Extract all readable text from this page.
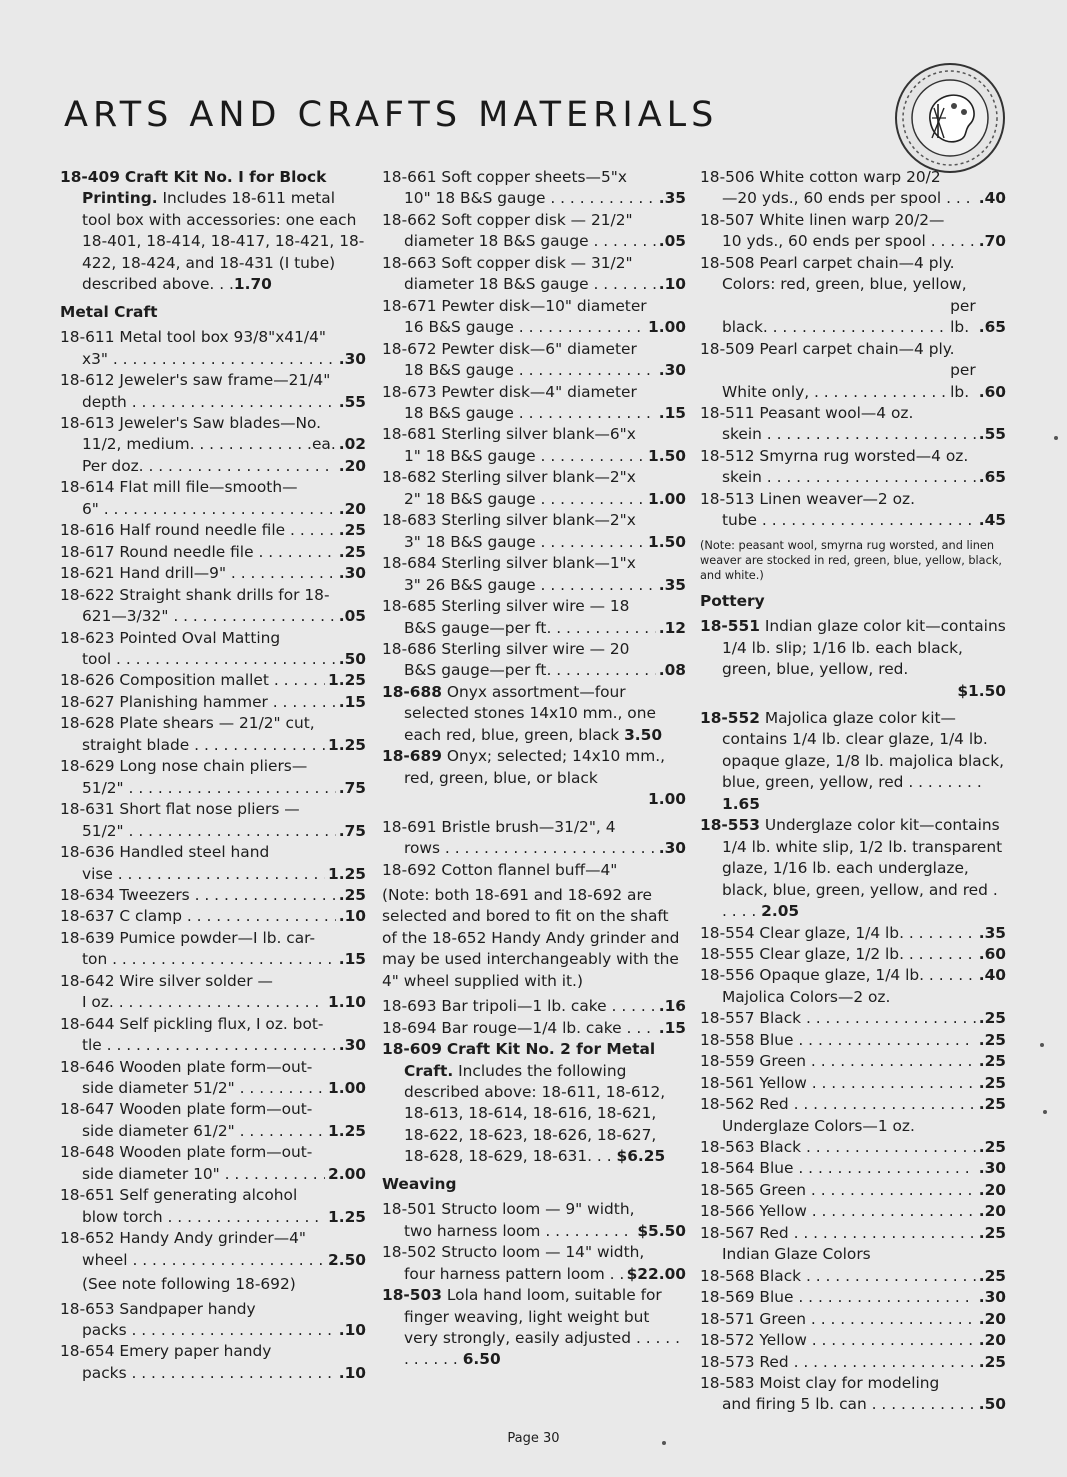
ARTS AND CRAFTS MATERIALS

18-409 Craft Kit No. I for Block Printing. Includes 18-611 metal tool box with accessories: one each 18-401, 18-414, 18-417, 18-421, 18-422, 18-424, and 18-431 (I tube) described above. . .1.70

Metal Craft
18-611 Metal tool box 93/8"x41/4"
x3" . . .	.30
18-612 Jeweler's saw frame—21/4"
depth . . .	.55
18-613 Jeweler's Saw blades—No.
11/2, medium. . . .	ea. .02
Per doz. . . .	.20
18-614 Flat mill file—smooth—
6" . . .	.20
18-616 Half round needle file . . .	.25
18-617 Round needle file . . .	.25
18-621 Hand drill—9" . . .	.30
18-622 Straight shank drills for 18-
621—3/32" . . .	.05
18-623 Pointed Oval Matting
tool . . .	.50
18-626 Composition mallet . . .	1.25
18-627 Planishing hammer . . .	.15
18-628 Plate shears — 21/2" cut,
straight blade . . .	1.25
18-629 Long nose chain pliers—
51/2" . . .	.75
18-631 Short flat nose pliers —
51/2" . . .	.75
18-636 Handled steel hand
vise . . .	1.25
18-634 Tweezers . . .	.25
18-637 C clamp . . .	.10
18-639 Pumice powder—I lb. car-
ton . . .	.15
18-642 Wire silver solder —
I oz. . . .	1.10
18-644 Self pickling flux, I oz. bot-
tle . . .	.30
18-646 Wooden plate form—out-
side diameter 51/2" . . .	1.00
18-647 Wooden plate form—out-
side diameter 61/2" . . .	1.25
18-648 Wooden plate form—out-
side diameter 10" . . .	2.00
18-651 Self generating alcohol
blow torch . . .	1.25
18-652 Handy Andy grinder—4"
wheel . . .	2.50
(See note following 18-692)
18-653 Sandpaper handy
packs . . .	.10
18-654 Emery paper handy
packs . . .	.10
18-661 Soft copper sheets—5"x
10" 18 B&S gauge . . .	.35
18-662 Soft copper disk — 21/2"
diameter 18 B&S gauge . . .	.05
18-663 Soft copper disk — 31/2"
diameter 18 B&S gauge . . .	.10
18-671 Pewter disk—10" diameter
16 B&S gauge . . .	1.00
18-672 Pewter disk—6" diameter
18 B&S gauge . . .	.30
18-673 Pewter disk—4" diameter
18 B&S gauge . . .	.15
18-681 Sterling silver blank—6"x
1" 18 B&S gauge . . .	1.50
18-682 Sterling silver blank—2"x
2" 18 B&S gauge . . .	1.00
18-683 Sterling silver blank—2"x
3" 18 B&S gauge . . .	1.50
18-684 Sterling silver blank—1"x
3" 26 B&S gauge . . .	.35
18-685 Sterling silver wire — 18
B&S gauge—per ft. . . .	.12
18-686 Sterling silver wire — 20
B&S gauge—per ft. . . .	.08

18-688 Onyx assortment—four selected stones 14x10 mm., one each red, blue, green, black 3.50

18-689 Onyx; selected; 14x10 mm., red, green, blue, or black

1.00
18-691 Bristle brush—31/2", 4
rows . . .	.30
18-692 Cotton flannel buff—4"

(Note: both 18-691 and 18-692 are selected and bored to fit on the shaft of the 18-652 Handy Andy grinder and may be used interchangeably with the 4" wheel supplied with it.)

18-693 Bar tripoli—1 lb. cake . . .	.16
18-694 Bar rouge—1/4 lb. cake . . .	.15

18-609 Craft Kit No. 2 for Metal Craft. Includes the following described above: 18-611, 18-612, 18-613, 18-614, 18-616, 18-621, 18-622, 18-623, 18-626, 18-627, 18-628, 18-629, 18-631. . . $6.25

Weaving
18-501 Structo loom — 9" width,
two harness loom . . .	$5.50
18-502 Structo loom — 14" width,
four harness pattern loom . . .	$22.00

18-503 Lola hand loom, suitable for finger weaving, light weight but very strongly, easily adjusted . . . . . . . . . . . 6.50

18-506 White cotton warp 20/2
—20 yds., 60 ends per spool . . .	.40
18-507 White linen warp 20/2—
10 yds., 60 ends per spool . . .	.70
18-508 Pearl carpet chain—4 ply.
Colors: red, green, blue, yellow,
black. . . .
per lb. .65
18-509 Pearl carpet chain—4 ply.
White only, . . .
per lb. .60
18-511 Peasant wool—4 oz.
skein . . .	.55
18-512 Smyrna rug worsted—4 oz.
skein . . .	.65
18-513 Linen weaver—2 oz.
tube . . .	.45

(Note: peasant wool, smyrna rug worsted, and linen weaver are stocked in red, green, blue, yellow, black, and white.)

Pottery

18-551 Indian glaze color kit—contains 1/4 lb. slip; 1/16 lb. each black, green, blue, yellow, red.

$1.50

18-552 Majolica glaze color kit—contains 1/4 lb. clear glaze, 1/4 lb. opaque glaze, 1/8 lb. majolica black, blue, green, yellow, red . . . . . . . . 1.65

18-553 Underglaze color kit—contains 1/4 lb. white slip, 1/2 lb. transparent glaze, 1/16 lb. each underglaze, black, blue, green, yellow, and red . . . . . 2.05

18-554 Clear glaze, 1/4 lb. . . .	.35
18-555 Clear glaze, 1/2 lb. . . .	.60
18-556 Opaque glaze, 1/4 lb. . . .	.40
Majolica Colors—2 oz.
18-557 Black . . .	.25
18-558 Blue . . .	.25
18-559 Green . . .	.25
18-561 Yellow . . .	.25
18-562 Red . . .	.25
Underglaze Colors—1 oz.
18-563 Black . . .	.25
18-564 Blue . . .	.30
18-565 Green . . .	.20
18-566 Yellow . . .	.20
18-567 Red . . .	.25
Indian Glaze Colors
18-568 Black . . .	.25
18-569 Blue . . .	.30
18-571 Green . . .	.20
18-572 Yellow . . .	.20
18-573 Red . . .	.25
18-583 Moist clay for modeling
and firing 5 lb. can . . .	.50
Page 30
